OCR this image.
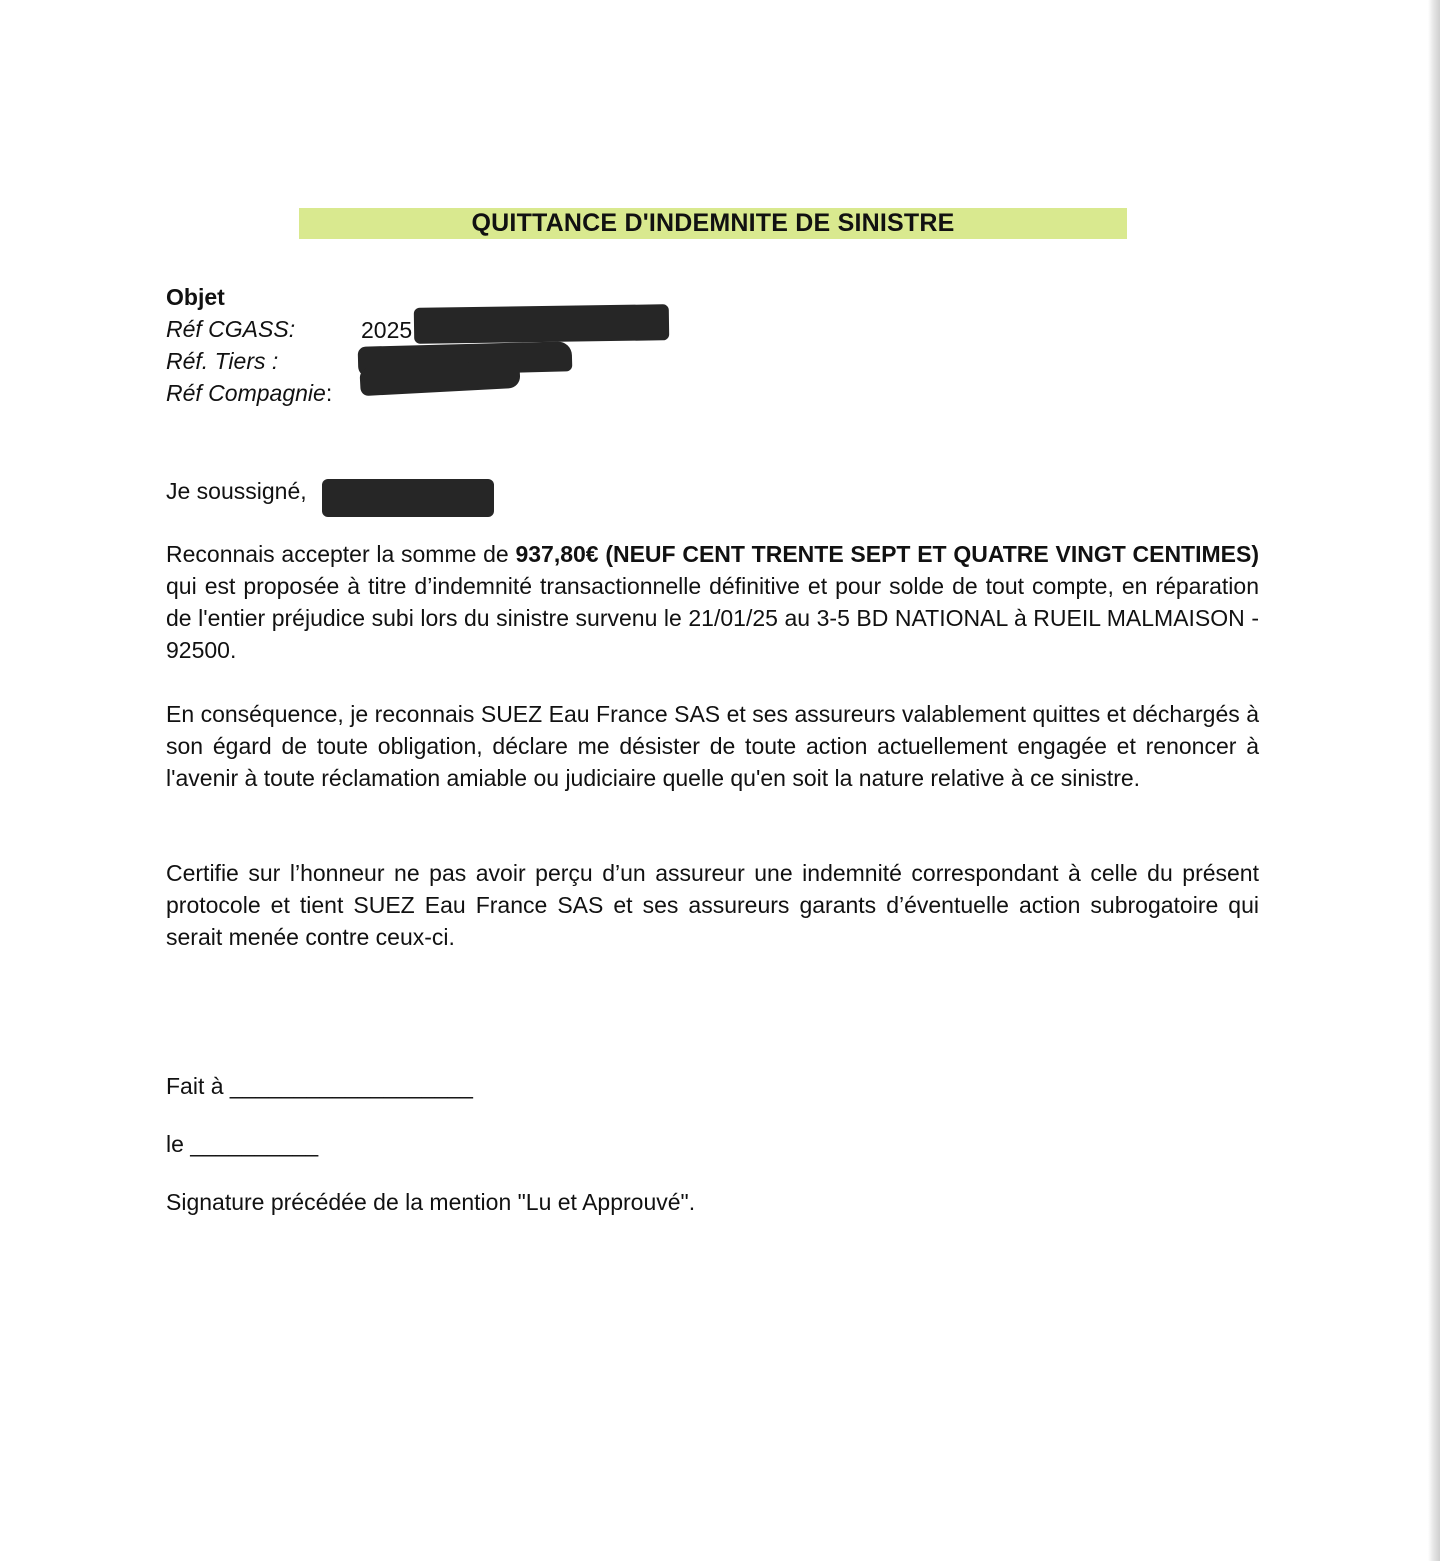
QUITTANCE D'INDEMNITE DE SINISTRE
Objet
Réf CGASS:	2025
Réf. Tiers :
Réf Compagnie:
Je soussigné,
Reconnais accepter la somme de 937,80€ (NEUF CENT TRENTE SEPT ET QUATRE VINGT CENTIMES) qui est proposée à titre d’indemnité transactionnelle définitive et pour solde de tout compte, en réparation de l'entier préjudice subi lors du sinistre survenu le 21/01/25 au 3-5 BD NATIONAL à RUEIL MALMAISON - 92500.
En conséquence, je reconnais SUEZ Eau France SAS et ses assureurs valablement quittes et déchargés à son égard de toute obligation, déclare me désister de toute action actuellement engagée et renoncer à l'avenir à toute réclamation amiable ou judiciaire quelle qu'en soit la nature relative à ce sinistre.
Certifie sur l’honneur ne pas avoir perçu d’un assureur une indemnité correspondant à celle du présent protocole et tient SUEZ Eau France SAS et ses assureurs garants d’éventuelle action subrogatoire qui serait menée contre ceux-ci.
Fait à ___________________
le __________
Signature précédée de la mention "Lu et Approuvé".
